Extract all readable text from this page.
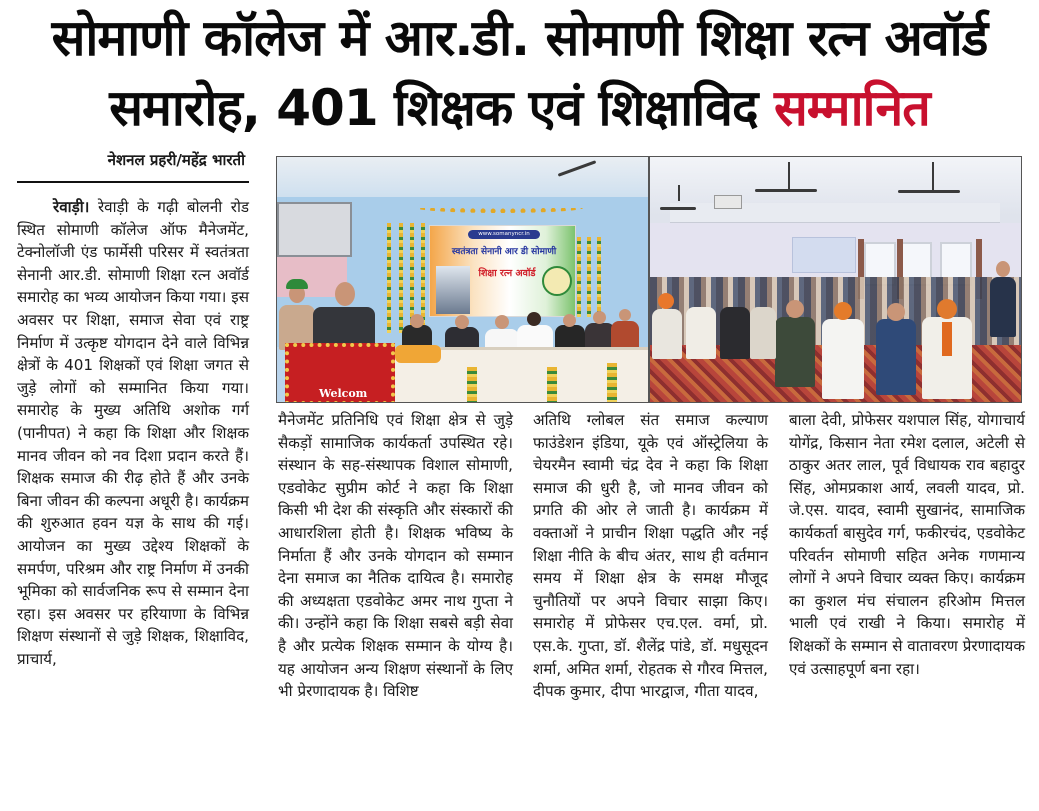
सोमाणी कॉलेज में आर.डी. सोमाणी शिक्षा रत्न अवॉर्ड
समारोह, 401 शिक्षक एवं शिक्षाविद सम्मानित
नेशनल प्रहरी/महेंद्र भारती

रेवाड़ी। रेवाड़ी के गढ़ी बोलनी रोड स्थित सोमाणी कॉलेज ऑफ मैनेजमेंट, टेक्नोलॉजी एंड फार्मेसी परिसर में स्वतंत्रता सेनानी आर.डी. सोमाणी शिक्षा रत्न अवॉर्ड समारोह का भव्य आयोजन किया गया। इस अवसर पर शिक्षा, समाज सेवा एवं राष्ट्र निर्माण में उत्कृष्ट योगदान देने वाले विभिन्न क्षेत्रों के 401 शिक्षकों एवं शिक्षा जगत से जुड़े लोगों को सम्मानित किया गया। समारोह के मुख्य अतिथि अशोक गर्ग (पानीपत) ने कहा कि शिक्षा और शिक्षक मानव जीवन को नव दिशा प्रदान करते हैं। शिक्षक समाज की रीढ़ होते हैं और उनके बिना जीवन की कल्पना अधूरी है। कार्यक्रम की शुरुआत हवन यज्ञ के साथ की गई। आयोजन का मुख्य उद्देश्य शिक्षकों के समर्पण, परिश्रम और राष्ट्र निर्माण में उनकी भूमिका को सार्वजनिक रूप से सम्मान देना रहा। इस अवसर पर हरियाणा के विभिन्न शिक्षण संस्थानों से जुड़े शिक्षक, शिक्षाविद, प्राचार्य,

www.somanyncr.in
स्वतंत्रता सेनानी आर डी सोमाणी
शिक्षा रत्न अवॉर्ड
Welcom

मैनेजमेंट प्रतिनिधि एवं शिक्षा क्षेत्र से जुड़े सैकड़ों सामाजिक कार्यकर्ता उपस्थित रहे। संस्थान के सह-संस्थापक विशाल सोमाणी, एडवोकेट सुप्रीम कोर्ट ने कहा कि शिक्षा किसी भी देश की संस्कृति और संस्कारों की आधारशिला होती है। शिक्षक भविष्य के निर्माता हैं और उनके योगदान को सम्मान देना समाज का नैतिक दायित्व है। समारोह की अध्यक्षता एडवोकेट अमर नाथ गुप्ता ने की। उन्होंने कहा कि शिक्षा सबसे बड़ी सेवा है और प्रत्येक शिक्षक सम्मान के योग्य है। यह आयोजन अन्य शिक्षण संस्थानों के लिए भी प्रेरणादायक है। विशिष्ट

अतिथि ग्लोबल संत समाज कल्याण फाउंडेशन इंडिया, यूके एवं ऑस्ट्रेलिया के चेयरमैन स्वामी चंद्र देव ने कहा कि शिक्षा समाज की धुरी है, जो मानव जीवन को प्रगति की ओर ले जाती है। कार्यक्रम में वक्ताओं ने प्राचीन शिक्षा पद्धति और नई शिक्षा नीति के बीच अंतर, साथ ही वर्तमान समय में शिक्षा क्षेत्र के समक्ष मौजूद चुनौतियों पर अपने विचार साझा किए। समारोह में प्रोफेसर एच.एल. वर्मा, प्रो. एस.के. गुप्ता, डॉ. शैलेंद्र पांडे, डॉ. मधुसूदन शर्मा, अमित शर्मा, रोहतक से गौरव मित्तल, दीपक कुमार, दीपा भारद्वाज, गीता यादव,

बाला देवी, प्रोफेसर यशपाल सिंह, योगाचार्य योगेंद्र, किसान नेता रमेश दलाल, अटेली से ठाकुर अतर लाल, पूर्व विधायक राव बहादुर सिंह, ओमप्रकाश आर्य, लवली यादव, प्रो. जे.एस. यादव, स्वामी सुखानंद, सामाजिक कार्यकर्ता बासुदेव गर्ग, फकीरचंद, एडवोकेट परिवर्तन सोमाणी सहित अनेक गणमान्य लोगों ने अपने विचार व्यक्त किए। कार्यक्रम का कुशल मंच संचालन हरिओम मित्तल भाली एवं राखी ने किया। समारोह में शिक्षकों के सम्मान से वातावरण प्रेरणादायक एवं उत्साहपूर्ण बना रहा।
